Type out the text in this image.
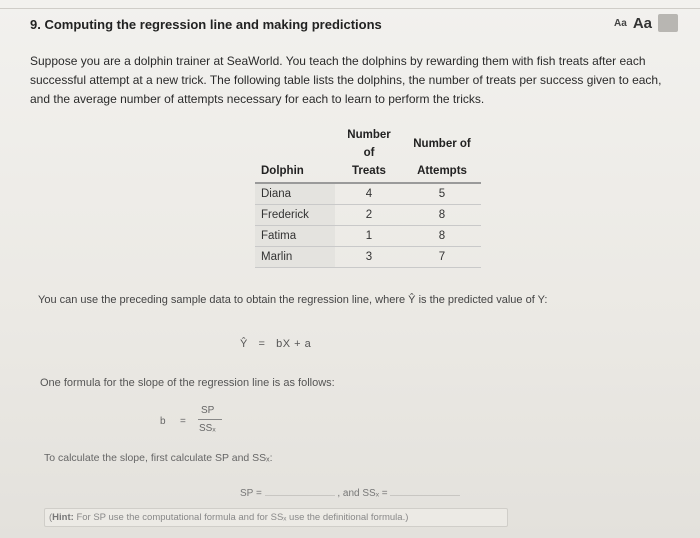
9. Computing the regression line and making predictions	Aa Aa
Suppose you are a dolphin trainer at SeaWorld. You teach the dolphins by rewarding them with fish treats after each successful attempt at a new trick. The following table lists the dolphins, the number of treats per success given to each, and the average number of attempts necessary for each to learn to perform the tricks.
	Number of	Number of
Dolphin	Treats	Attempts
Diana	4	5
Frederick	2	8
Fatima	1	8
Marlin	3	7
You can use the preceding sample data to obtain the regression line, where Ŷ is the predicted value of Y:
Ŷ = bX + a
One formula for the slope of the regression line is as follows:
b =
SP
SSₓ
To calculate the slope, first calculate SP and SSₓ:
SP =	, and SSₓ =
(Hint: For SP use the computational formula and for SSₓ use the definitional formula.)
